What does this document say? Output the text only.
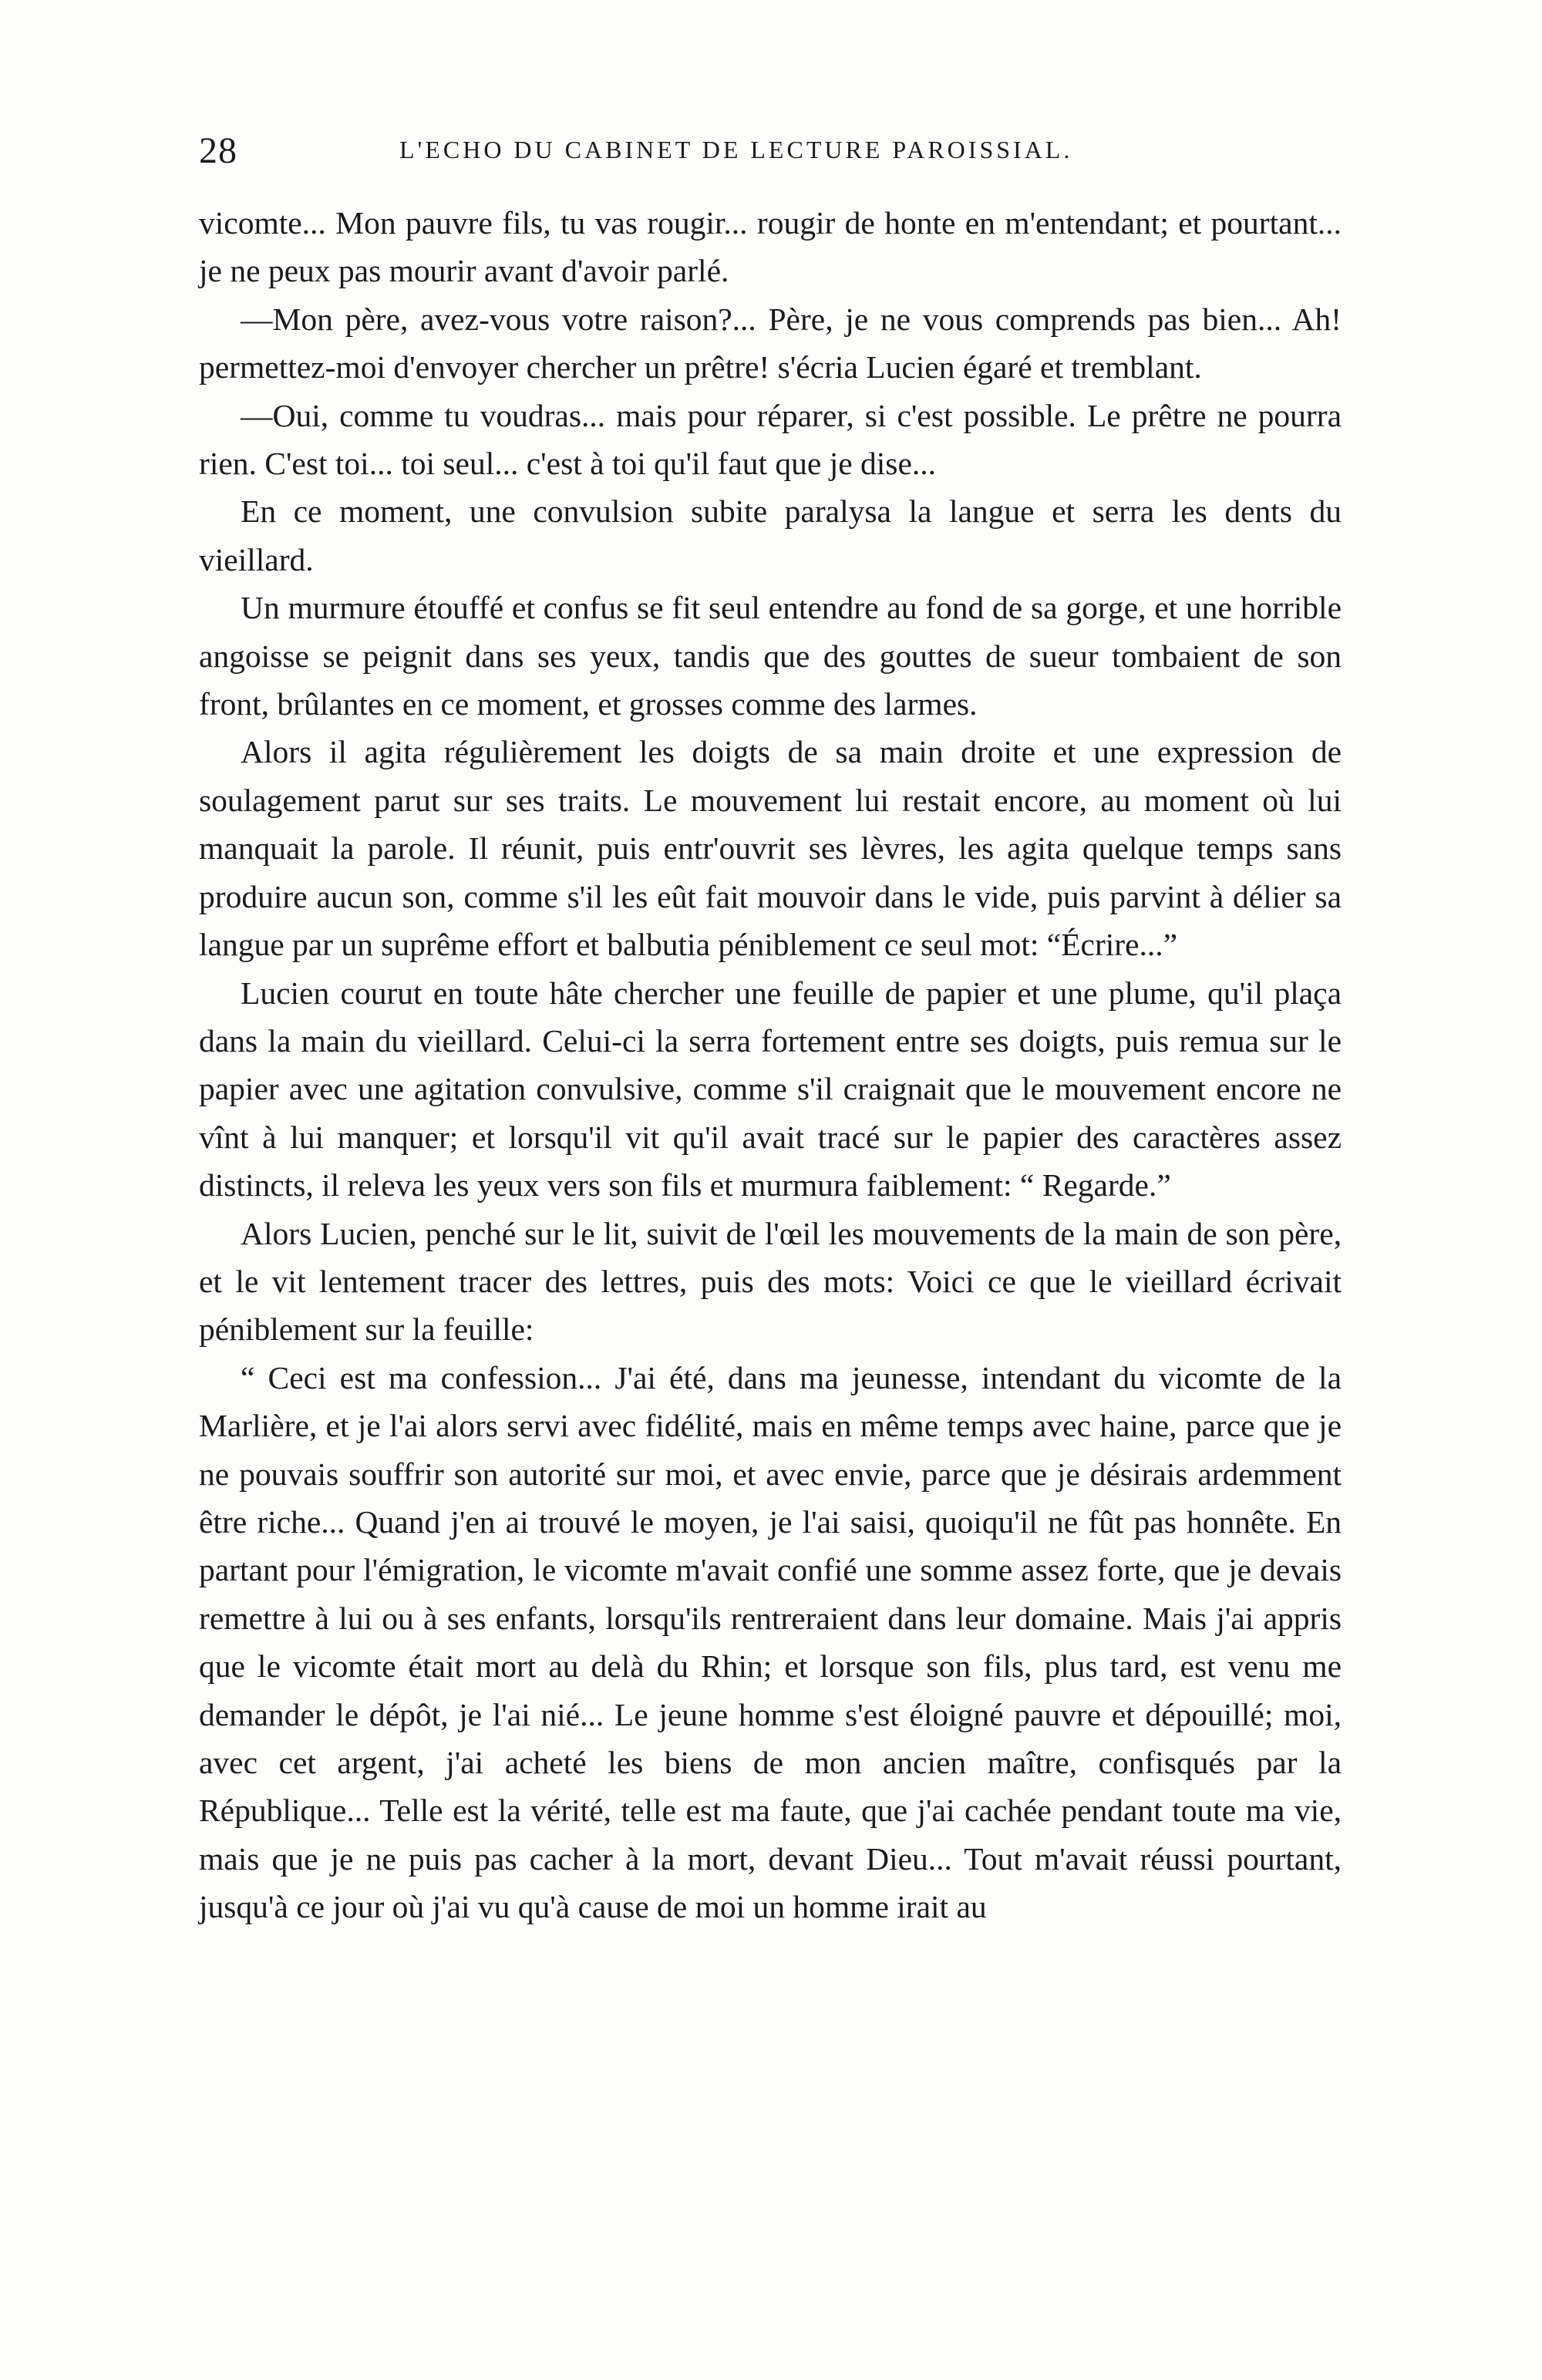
28	L'ECHO DU CABINET DE LECTURE PAROISSIAL.

vicomte... Mon pauvre fils, tu vas rougir... rougir de honte en m'entendant; et pourtant... je ne peux pas mourir avant d'avoir parlé.

—Mon père, avez-vous votre raison?... Père, je ne vous comprends pas bien... Ah! permettez-moi d'envoyer chercher un prêtre! s'écria Lucien égaré et tremblant.

—Oui, comme tu voudras... mais pour réparer, si c'est possible. Le prêtre ne pourra rien. C'est toi... toi seul... c'est à toi qu'il faut que je dise...

En ce moment, une convulsion subite paralysa la langue et serra les dents du vieillard.

Un murmure étouffé et confus se fit seul entendre au fond de sa gorge, et une horrible angoisse se peignit dans ses yeux, tandis que des gouttes de sueur tombaient de son front, brûlantes en ce moment, et grosses comme des larmes.

Alors il agita régulièrement les doigts de sa main droite et une expression de soulagement parut sur ses traits. Le mouvement lui restait encore, au moment où lui manquait la parole. Il réunit, puis entr'ouvrit ses lèvres, les agita quelque temps sans produire aucun son, comme s'il les eût fait mouvoir dans le vide, puis parvint à délier sa langue par un suprême effort et balbutia péniblement ce seul mot: “Écrire...”

Lucien courut en toute hâte chercher une feuille de papier et une plume, qu'il plaça dans la main du vieillard. Celui-ci la serra fortement entre ses doigts, puis remua sur le papier avec une agitation convulsive, comme s'il craignait que le mouvement encore ne vînt à lui manquer; et lorsqu'il vit qu'il avait tracé sur le papier des caractères assez distincts, il releva les yeux vers son fils et murmura faiblement: “ Regarde.”

Alors Lucien, penché sur le lit, suivit de l'œil les mouvements de la main de son père, et le vit lentement tracer des lettres, puis des mots: Voici ce que le vieillard écrivait péniblement sur la feuille:

“ Ceci est ma confession... J'ai été, dans ma jeunesse, intendant du vicomte de la Marlière, et je l'ai alors servi avec fidélité, mais en même temps avec haine, parce que je ne pouvais souffrir son autorité sur moi, et avec envie, parce que je désirais ardemment être riche... Quand j'en ai trouvé le moyen, je l'ai saisi, quoiqu'il ne fût pas honnête. En partant pour l'émigration, le vicomte m'avait confié une somme assez forte, que je devais remettre à lui ou à ses enfants, lorsqu'ils rentreraient dans leur domaine. Mais j'ai appris que le vicomte était mort au delà du Rhin; et lorsque son fils, plus tard, est venu me demander le dépôt, je l'ai nié... Le jeune homme s'est éloigné pauvre et dépouillé; moi, avec cet argent, j'ai acheté les biens de mon ancien maître, confisqués par la République... Telle est la vérité, telle est ma faute, que j'ai cachée pendant toute ma vie, mais que je ne puis pas cacher à la mort, devant Dieu... Tout m'avait réussi pourtant, jusqu'à ce jour où j'ai vu qu'à cause de moi un homme irait au
